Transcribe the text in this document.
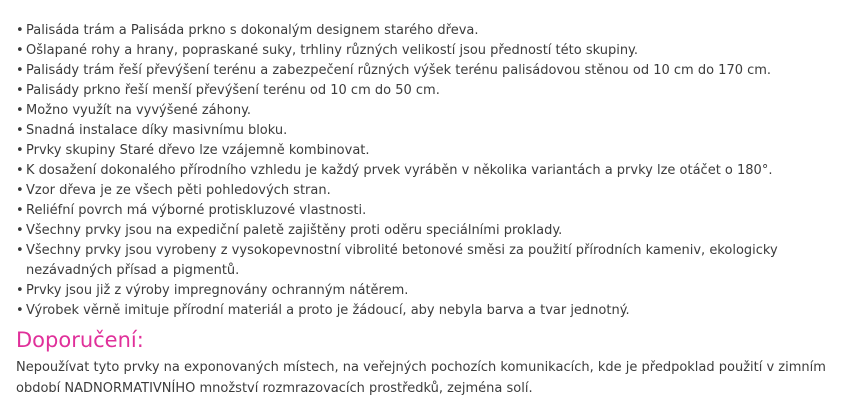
• Palisáda trám a Palisáda prkno s dokonalým designem starého dřeva.
• Ošlapané rohy a hrany, popraskané suky, trhliny různých velikostí jsou předností této skupiny.
• Palisády trám řeší převýšení terénu a zabezpečení různých výšek terénu palisádovou stěnou od 10 cm do 170 cm.
• Palisády prkno řeší menší převýšení terénu od 10 cm do 50 cm.
• Možno využít na vyvýšené záhony.
• Snadná instalace díky masivnímu bloku.
• Prvky skupiny Staré dřevo lze vzájemně kombinovat.
• K dosažení dokonalého přírodního vzhledu je každý prvek vyráběn v několika variantách a prvky lze otáčet o 180°.
• Vzor dřeva je ze všech pěti pohledových stran.
• Reliéfní povrch má výborné protiskluzové vlastnosti.
• Všechny prvky jsou na expediční paletě zajištěny proti oděru speciálními proklady.
• Všechny prvky jsou vyrobeny z vysokopevnostní vibrolité betonové směsi za použití přírodních kameniv, ekologicky nezávadných přísad a pigmentů.
• Prvky jsou již z výroby impregnovány ochranným nátěrem.
• Výrobek věrně imituje přírodní materiál a proto je žádoucí, aby nebyla barva a tvar jednotný.
Doporučení:

Nepoužívat tyto prvky na exponovaných místech, na veřejných pochozích komunikacích, kde je předpoklad použití v zimním období NADNORMATIVNÍHO množství rozmrazovacích prostředků, zejména solí.
